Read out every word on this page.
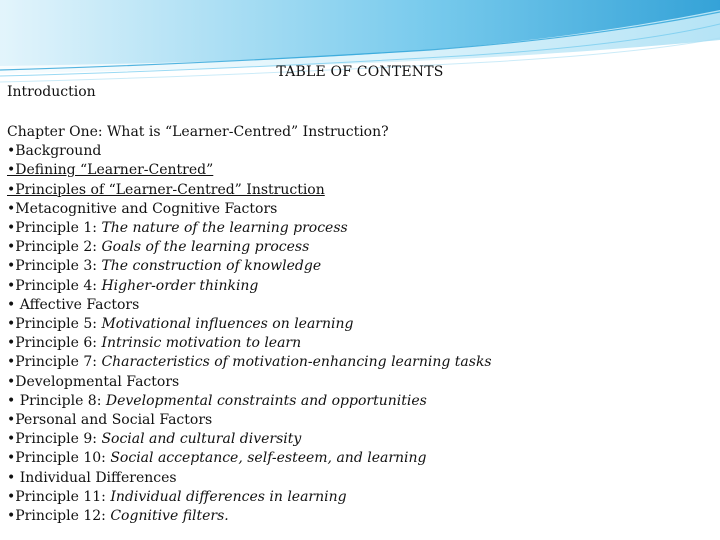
TABLE OF CONTENTS
Introduction
Chapter One: What is “Learner-Centred” Instruction?
•Background
•Defining “Learner-Centred”
•Principles of “Learner-Centred” Instruction
•Metacognitive and Cognitive Factors
•Principle 1: The nature of the learning process
•Principle 2: Goals of the learning process
•Principle 3: The construction of knowledge
•Principle 4: Higher-order thinking
• Affective Factors
•Principle 5: Motivational influences on learning
•Principle 6: Intrinsic motivation to learn
•Principle 7: Characteristics of motivation-enhancing learning tasks
•Developmental Factors
• Principle 8: Developmental constraints and opportunities
•Personal and Social Factors
•Principle 9: Social and cultural diversity
•Principle 10: Social acceptance, self-esteem, and learning
• Individual Differences
•Principle 11: Individual differences in learning
•Principle 12: Cognitive filters.
